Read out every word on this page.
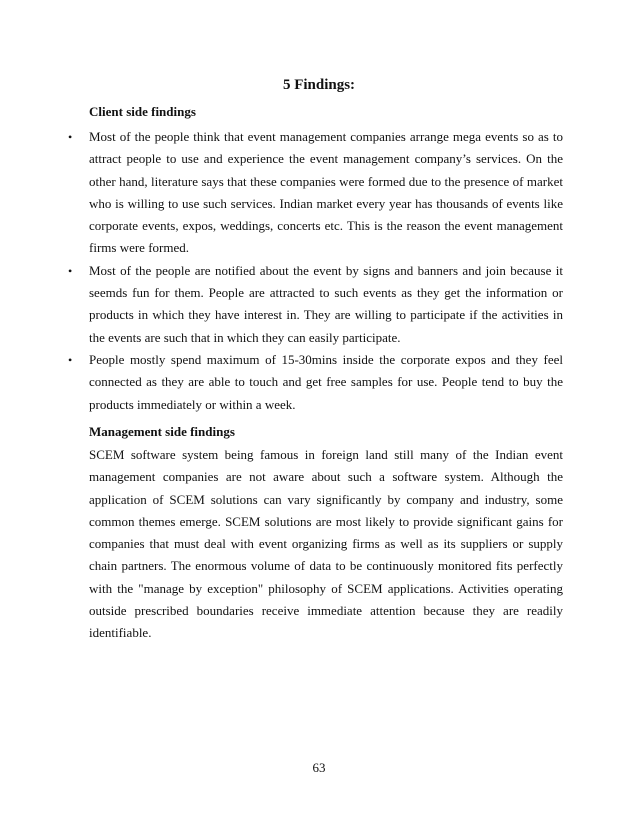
5 Findings:
Client side findings
• Most of the people think that event management companies arrange mega events so as to attract people to use and experience the event management company’s services. On the other hand, literature says that these companies were formed due to the presence of market who is willing to use such services. Indian market every year has thousands of events like corporate events, expos, weddings, concerts etc. This is the reason the event management firms were formed.
• Most of the people are notified about the event by signs and banners and join because it seemds fun for them. People are attracted to such events as they get the information or products in which they have interest in. They are willing to participate if the activities in the events are such that in which they can easily participate.
• People mostly spend maximum of 15-30mins inside the corporate expos and they feel connected as they are able to touch and get free samples for use. People tend to buy the products immediately or within a week.
Management side findings

SCEM software system being famous in foreign land still many of the Indian event management companies are not aware about such a software system. Although the application of SCEM solutions can vary significantly by company and industry, some common themes emerge. SCEM solutions are most likely to provide significant gains for companies that must deal with event organizing firms as well as its suppliers or supply chain partners. The enormous volume of data to be continuously monitored fits perfectly with the "manage by exception" philosophy of SCEM applications. Activities operating outside prescribed boundaries receive immediate attention because they are readily identifiable.

63
